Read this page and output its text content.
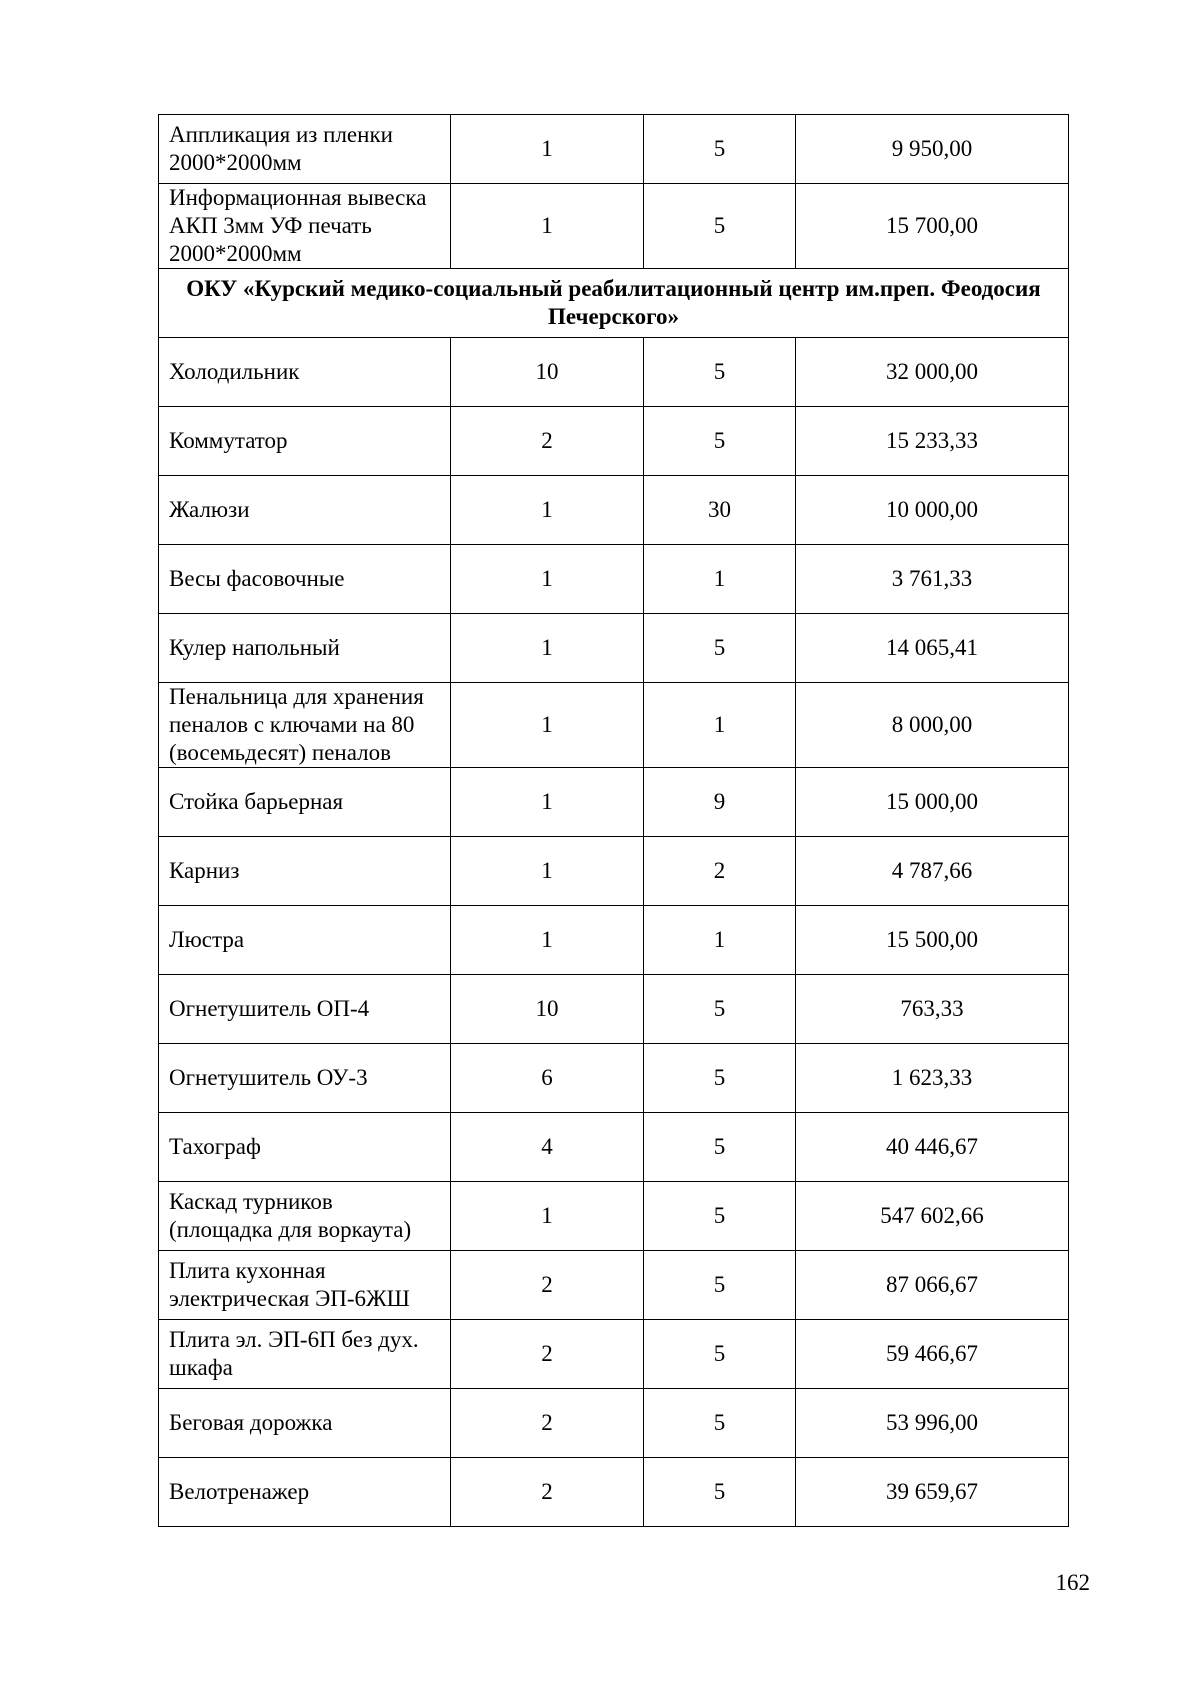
Аппликация из пленки 2000*2000мм	1	5	9 950,00
Информационная вывеска АКП 3мм УФ печать 2000*2000мм	1	5	15 700,00
ОКУ «Курский медико-социальный реабилитационный центр им.преп. Феодосия Печерского»			
Холодильник	10	5	32 000,00
Коммутатор	2	5	15 233,33
Жалюзи	1	30	10 000,00
Весы фасовочные	1	1	3 761,33
Кулер напольный	1	5	14 065,41
Пенальница для хранения пеналов с ключами на 80 (восемьдесят) пеналов	1	1	8 000,00
Стойка барьерная	1	9	15 000,00
Карниз	1	2	4 787,66
Люстра	1	1	15 500,00
Огнетушитель ОП-4	10	5	763,33
Огнетушитель ОУ-3	6	5	1 623,33
Тахограф	4	5	40 446,67
Каскад турников (площадка для воркаута)	1	5	547 602,66
Плита кухонная электрическая ЭП-6ЖШ	2	5	87 066,67
Плита эл. ЭП-6П без дух. шкафа	2	5	59 466,67
Беговая дорожка	2	5	53 996,00
Велотренажер	2	5	39 659,67
162
